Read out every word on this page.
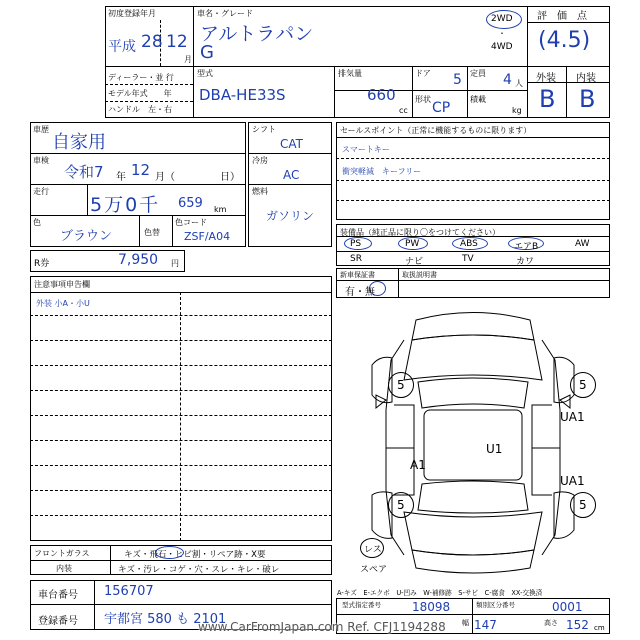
初度登録年月
平成 28 12
月
ディーラー・並 行
モデル年式　　年
ハンドル　左・右
車名・グレード
アルトラパン
G
2WD
・
4WD
評　価　点
(4.5)
外装 内装
B B
型式
DBA-HE33S
排気量
660
cc
ドア 5 定員 4 人
形状
CP
積載
kg
車歴
自家用
車検
令和7 年 12 月（	日）
走行
5万0千 659 km
色
ブラウン	色替
色コード
ZSF/A04
シフト
CAT
冷房
AC
燃料
ガソリン
R券	7,950 円
注意事項申告欄
外装 小A・小U
セールスポイント（正常に機能するものに限ります）
スマートキー
衝突軽減　キーフリー
装備品（純正品に限り〇をつけてください）
PS	PW	ABS	エアB	AW
SR	ナビ	TV	カワ
新車保証書	取扱説明書
有・無
5	5
5	5
U1
A1
UA1
UA1
レス
スペア
A-キズ　E-エクボ　U-凹み　W-補修跡　S-サビ　C-腐食　XX-交換済
フロントガラス	キズ・飛石・ヒビ割・リペア跡・X要
内装	キズ・汚レ・コゲ・穴・スレ・キレ・破レ
車台番号 156707
登録番号 宇都宮 580 も 2101
型式指定番号	18098	類別区分番号	0001
幅 147	高さ 152 cm
www.CarFromJapan.com Ref. CFJ1194288
